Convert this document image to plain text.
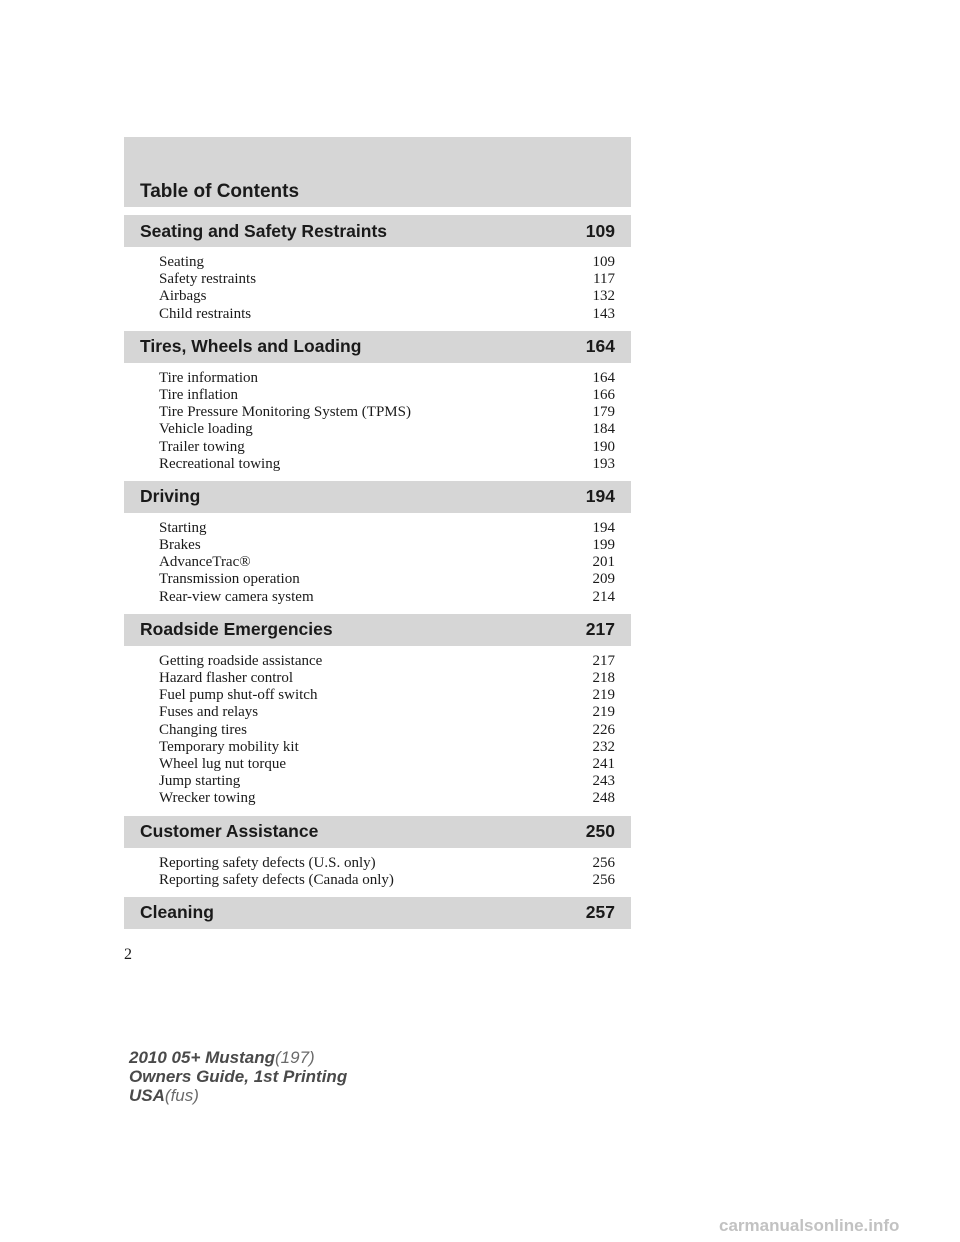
Table of Contents
Seating and Safety Restraints	109
Seating	109
Safety restraints	117
Airbags	132
Child restraints	143
Tires, Wheels and Loading	164
Tire information	164
Tire inflation	166
Tire Pressure Monitoring System (TPMS)	179
Vehicle loading	184
Trailer towing	190
Recreational towing	193
Driving	194
Starting	194
Brakes	199
AdvanceTrac®	201
Transmission operation	209
Rear-view camera system	214
Roadside Emergencies	217
Getting roadside assistance	217
Hazard flasher control	218
Fuel pump shut-off switch	219
Fuses and relays	219
Changing tires	226
Temporary mobility kit	232
Wheel lug nut torque	241
Jump starting	243
Wrecker towing	248
Customer Assistance	250
Reporting safety defects (U.S. only)	256
Reporting safety defects (Canada only)	256
Cleaning	257
2
2010 05+ Mustang(197)
Owners Guide, 1st Printing
USA(fus)
carmanualsonline.info
